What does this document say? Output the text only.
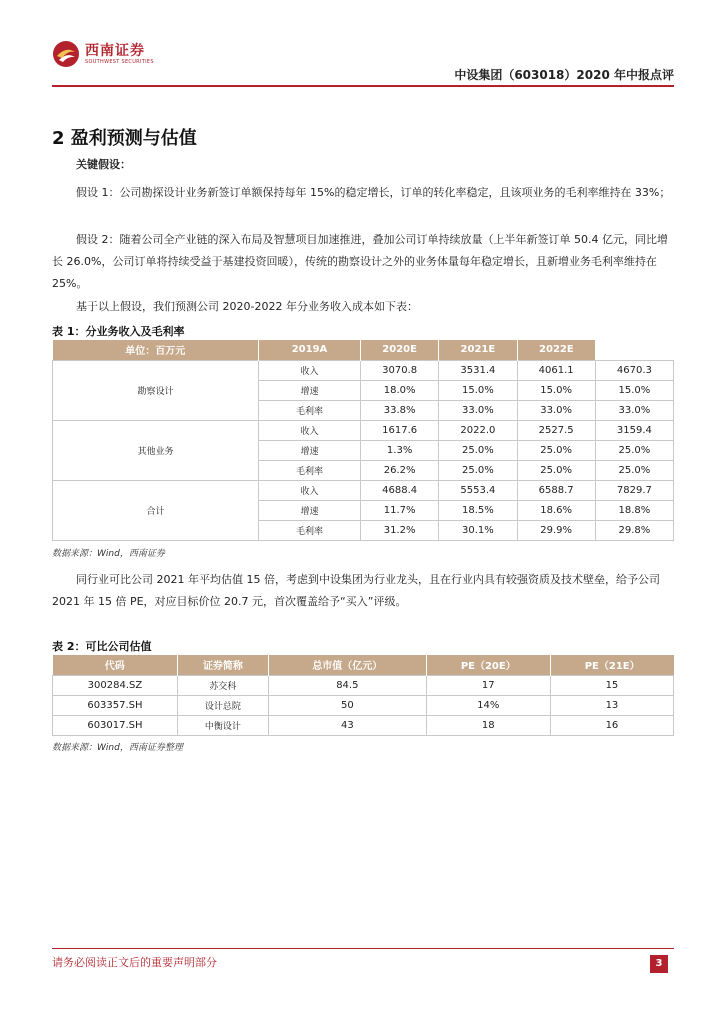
西南证券
SOUTHWEST SECURITIES
中设集团（603018）2020 年中报点评
2 盈利预测与估值
关键假设：
假设 1：公司勘探设计业务新签订单额保持每年 15%的稳定增长，订单的转化率稳定，且该项业务的毛利率维持在 33%；
假设 2：随着公司全产业链的深入布局及智慧项目加速推进，叠加公司订单持续放量（上半年新签订单 50.4 亿元，同比增长 26.0%，公司订单将持续受益于基建投资回暖），传统的勘察设计之外的业务体量每年稳定增长，且新增业务毛利率维持在 25%。
基于以上假设，我们预测公司 2020-2022 年分业务收入成本如下表：
表 1：分业务收入及毛利率
单位：百万元	2019A	2020E	2021E	2022E	
勘察设计	收入	3070.8	3531.4	4061.1	4670.3
	增速	18.0%	15.0%	15.0%	15.0%
	毛利率	33.8%	33.0%	33.0%	33.0%
其他业务	收入	1617.6	2022.0	2527.5	3159.4
	增速	1.3%	25.0%	25.0%	25.0%
	毛利率	26.2%	25.0%	25.0%	25.0%
合计	收入	4688.4	5553.4	6588.7	7829.7
	增速	11.7%	18.5%	18.6%	18.8%
	毛利率	31.2%	30.1%	29.9%	29.8%
数据来源：Wind，西南证券
同行业可比公司 2021 年平均估值 15 倍，考虑到中设集团为行业龙头，且在行业内具有较强资质及技术壁垒，给予公司 2021 年 15 倍 PE，对应目标价位 20.7 元，首次覆盖给予“买入”评级。
表 2：可比公司估值
代码	证券简称	总市值（亿元）	PE（20E）	PE（21E）
300284.SZ	苏交科	84.5	17	15
603357.SH	设计总院	50	14%	13
603017.SH	中衡设计	43	18	16
数据来源：Wind，西南证券整理
请务必阅读正文后的重要声明部分	3
